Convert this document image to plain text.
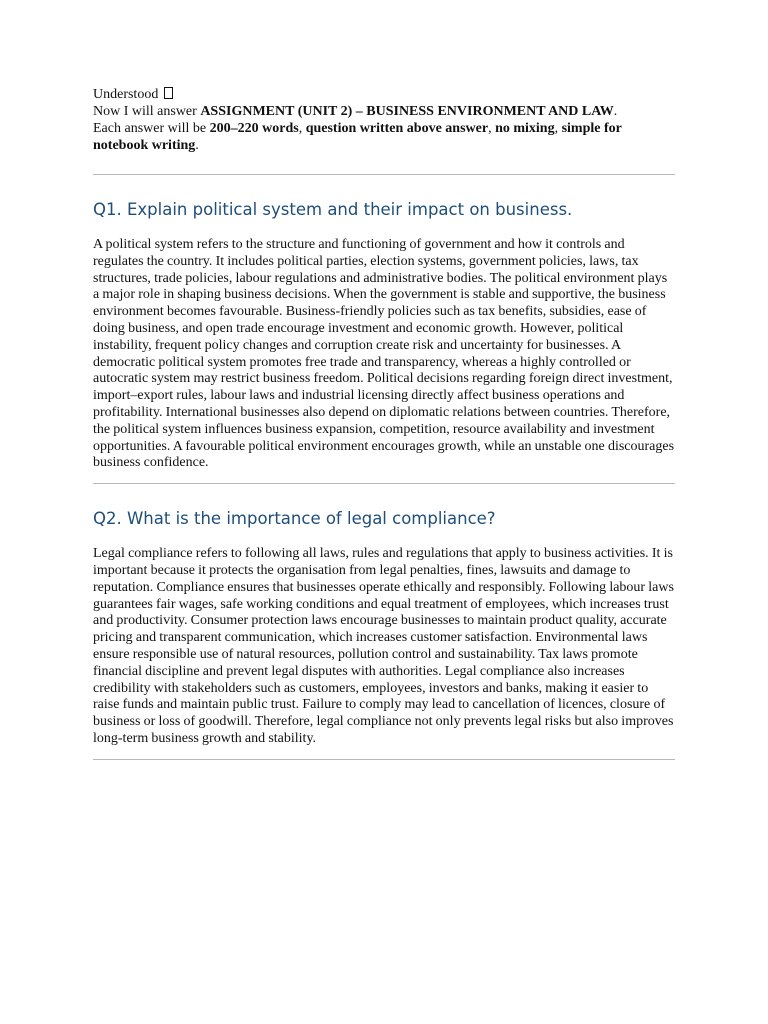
Understood

Now I will answer ASSIGNMENT (UNIT 2) – BUSINESS ENVIRONMENT AND LAW.

Each answer will be 200–220 words, question written above answer, no mixing, simple for notebook writing.

Q1. Explain political system and their impact on business.

A political system refers to the structure and functioning of government and how it controls and regulates the country. It includes political parties, election systems, government policies, laws, tax structures, trade policies, labour regulations and administrative bodies. The political environment plays a major role in shaping business decisions. When the government is stable and supportive, the business environment becomes favourable. Business-friendly policies such as tax benefits, subsidies, ease of doing business, and open trade encourage investment and economic growth. However, political instability, frequent policy changes and corruption create risk and uncertainty for businesses. A democratic political system promotes free trade and transparency, whereas a highly controlled or autocratic system may restrict business freedom. Political decisions regarding foreign direct investment, import–export rules, labour laws and industrial licensing directly affect business operations and profitability. International businesses also depend on diplomatic relations between countries. Therefore, the political system influences business expansion, competition, resource availability and investment opportunities. A favourable political environment encourages growth, while an unstable one discourages business confidence.

Q2. What is the importance of legal compliance?

Legal compliance refers to following all laws, rules and regulations that apply to business activities. It is important because it protects the organisation from legal penalties, fines, lawsuits and damage to reputation. Compliance ensures that businesses operate ethically and responsibly. Following labour laws guarantees fair wages, safe working conditions and equal treatment of employees, which increases trust and productivity. Consumer protection laws encourage businesses to maintain product quality, accurate pricing and transparent communication, which increases customer satisfaction. Environmental laws ensure responsible use of natural resources, pollution control and sustainability. Tax laws promote financial discipline and prevent legal disputes with authorities. Legal compliance also increases credibility with stakeholders such as customers, employees, investors and banks, making it easier to raise funds and maintain public trust. Failure to comply may lead to cancellation of licences, closure of business or loss of goodwill. Therefore, legal compliance not only prevents legal risks but also improves long-term business growth and stability.
